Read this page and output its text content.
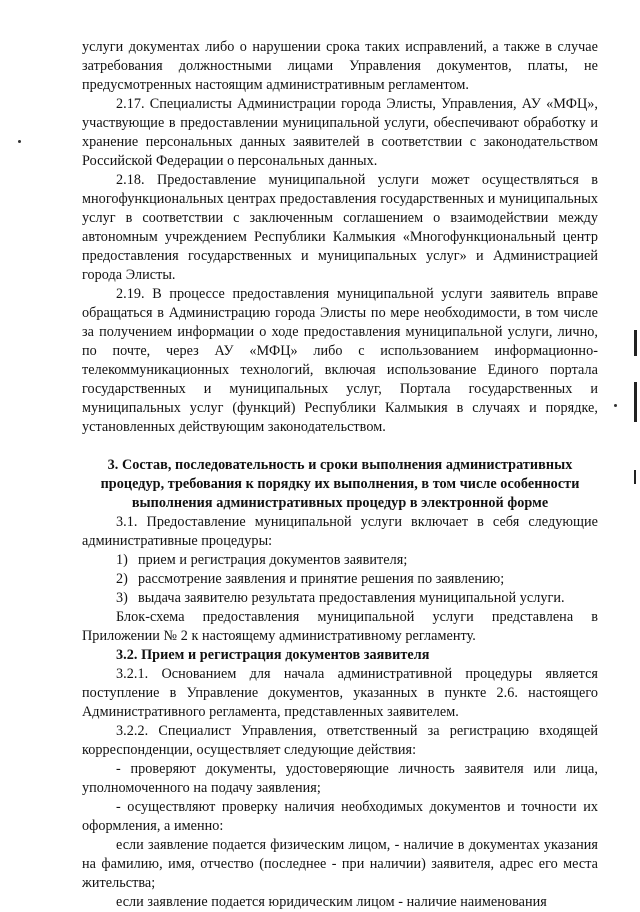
услуги документах либо о нарушении срока таких исправлений, а также в случае затребования должностными лицами Управления документов, платы, не предусмотренных настоящим административным регламентом.

2.17. Специалисты Администрации города Элисты, Управления, АУ «МФЦ», участвующие в предоставлении муниципальной услуги, обеспечивают обработку и хранение персональных данных заявителей в соответствии с законодательством Российской Федерации о персональных данных.

2.18. Предоставление муниципальной услуги может осуществляться в многофункциональных центрах предоставления государственных и муниципальных услуг в соответствии с заключенным соглашением о взаимодействии между автономным учреждением Республики Калмыкия «Многофункциональный центр предоставления государственных и муниципальных услуг» и Администрацией города Элисты.

2.19. В процессе предоставления муниципальной услуги заявитель вправе обращаться в Администрацию города Элисты по мере необходимости, в том числе за получением информации о ходе предоставления муниципальной услуги, лично, по почте, через АУ «МФЦ» либо с использованием информационно-телекоммуникационных технологий, включая использование Единого портала государственных и муниципальных услуг, Портала государственных и муниципальных услуг (функций) Республики Калмыкия в случаях и порядке, установленных действующим законодательством.

3. Состав, последовательность и сроки выполнения административных процедур, требования к порядку их выполнения, в том числе особенности выполнения административных процедур в электронной форме

3.1. Предоставление муниципальной услуги включает в себя следующие административные процедуры:

1) прием и регистрация документов заявителя;
2) рассмотрение заявления и принятие решения по заявлению;
3) выдача заявителю результата предоставления муниципальной услуги.

Блок-схема предоставления муниципальной услуги представлена в Приложении № 2 к настоящему административному регламенту.

3.2. Прием и регистрация документов заявителя

3.2.1. Основанием для начала административной процедуры является поступление в Управление документов, указанных в пункте 2.6. настоящего Административного регламента, представленных заявителем.

3.2.2. Специалист Управления, ответственный за регистрацию входящей корреспонденции, осуществляет следующие действия:

- проверяют документы, удостоверяющие личность заявителя или лица, уполномоченного на подачу заявления;

- осуществляют проверку наличия необходимых документов и точности их оформления, а именно:

если заявление подается физическим лицом, - наличие в документах указания на фамилию, имя, отчество (последнее - при наличии) заявителя, адрес его места жительства;

если заявление подается юридическим лицом - наличие наименования
